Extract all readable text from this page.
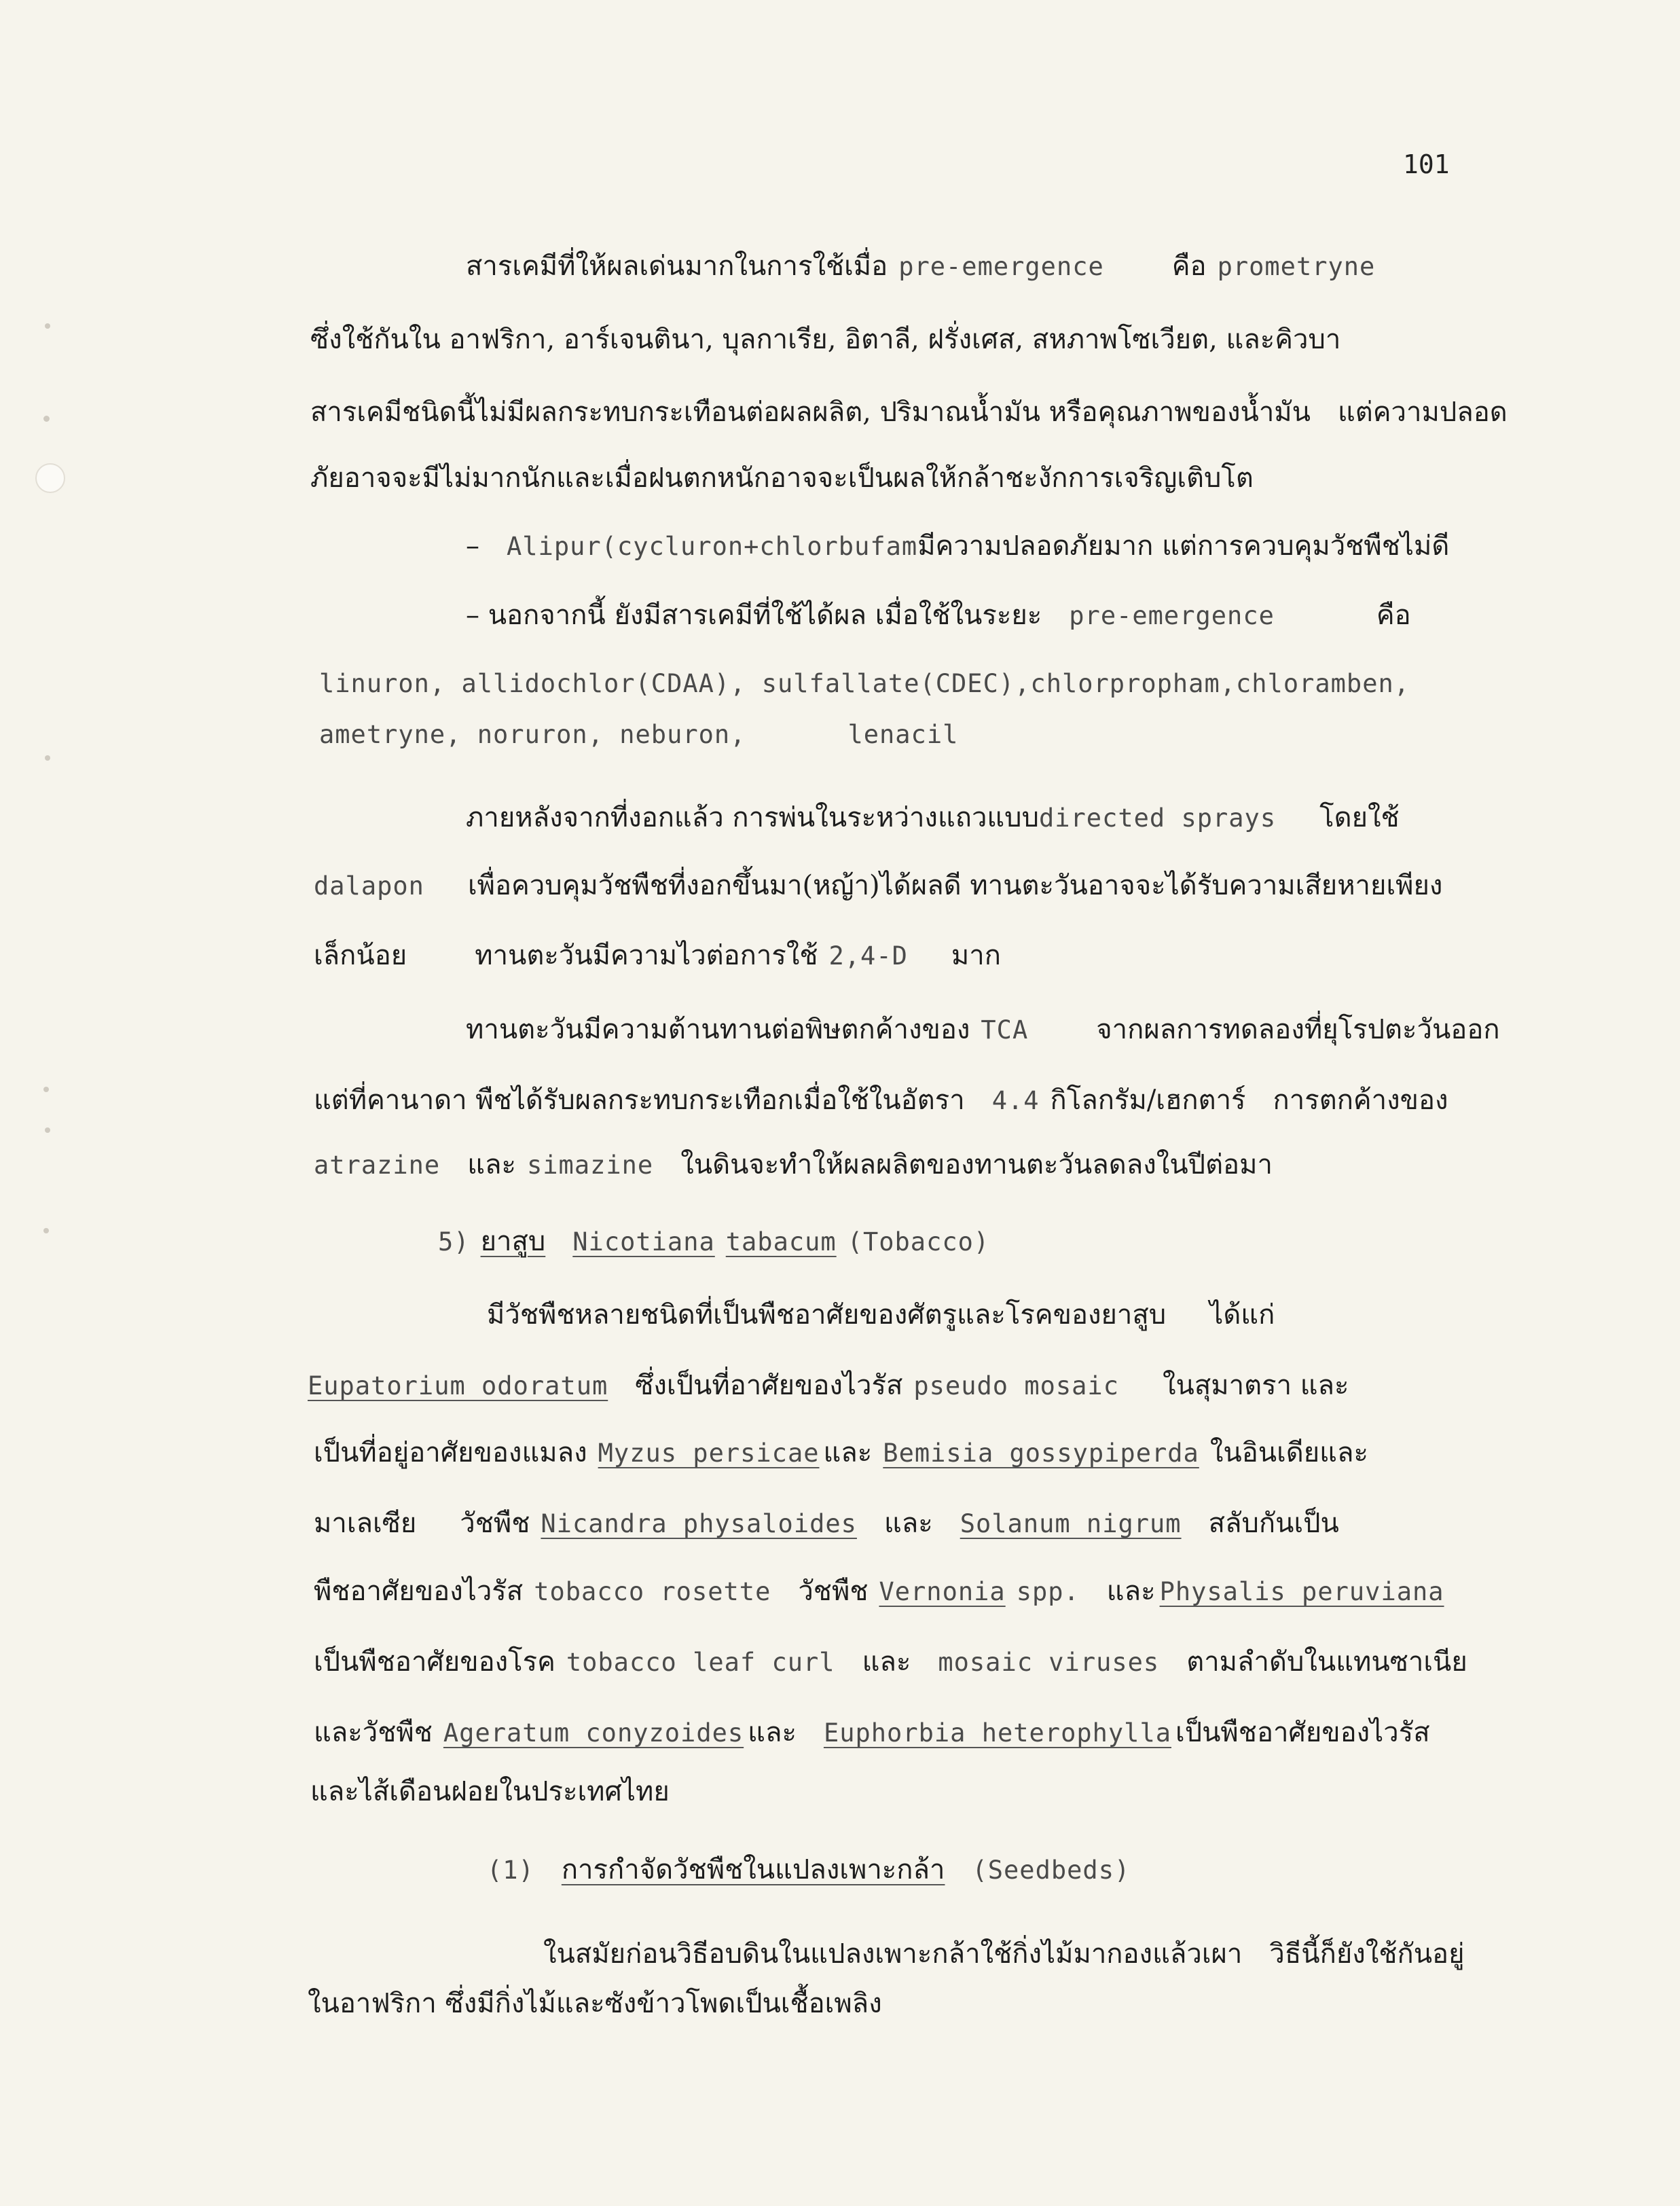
101
สารเคมีที่ให้ผลเด่นมากในการใช้เมื่อ pre-emergence	คือ prometryne
ซึ่งใช้กันใน อาฟริกา, อาร์เจนตินา, บุลกาเรีย, อิตาลี, ฝรั่งเศส, สหภาพโซเวียต, และคิวบา
สารเคมีชนิดนี้ไม่มีผลกระทบกระเทือนต่อผลผลิต, ปริมาณน้ำมัน หรือคุณภาพของน้ำมัน แต่ความปลอด
ภัยอาจจะมีไม่มากนักและเมื่อฝนตกหนักอาจจะเป็นผลให้กล้าชะงักการเจริญเติบโต
– Alipur(cycluron+chlorbufamมีความปลอดภัยมาก แต่การควบคุมวัชพืชไม่ดี
– นอกจากนี้ ยังมีสารเคมีที่ใช้ได้ผล เมื่อใช้ในระยะ pre-emergence	คือ
linuron, allidochlor(CDAA), sulfallate(CDEC),chlorpropham,chloramben,
ametryne, noruron, neburon,	lenacil
ภายหลังจากที่งอกแล้ว การพ่นในระหว่างแถวแบบdirected sprays โดยใช้
dalapon เพื่อควบคุมวัชพืชที่งอกขึ้นมา(หญ้า)ได้ผลดี ทานตะวันอาจจะได้รับความเสียหายเพียง
เล็กน้อย	ทานตะวันมีความไวต่อการใช้ 2,4-D มาก
ทานตะวันมีความต้านทานต่อพิษตกค้างของ TCA	จากผลการทดลองที่ยุโรปตะวันออก
แต่ที่คานาดา พืชได้รับผลกระทบกระเทือกเมื่อใช้ในอัตรา 4.4 กิโลกรัม/เฮกตาร์ การตกค้างของ
atrazine และ simazine ในดินจะทำให้ผลผลิตของทานตะวันลดลงในปีต่อมา
5) ยาสูบ Nicotiana tabacum (Tobacco)
มีวัชพืชหลายชนิดที่เป็นพืชอาศัยของศัตรูและโรคของยาสูบ ได้แก่
Eupatorium odoratum ซึ่งเป็นที่อาศัยของไวรัส pseudo mosaic ในสุมาตรา และ
เป็นที่อยู่อาศัยของแมลง Myzus persicae และ Bemisia gossypiperda ในอินเดียและ
มาเลเซีย วัชพืช Nicandra physaloides และ Solanum nigrum สลับกันเป็น
พืชอาศัยของไวรัส tobacco rosette วัชพืช Vernonia spp. และ Physalis peruviana
เป็นพืชอาศัยของโรค tobacco leaf curl และ mosaic viruses ตามลำดับในแทนซาเนีย
และวัชพืช Ageratum conyzoides และ Euphorbia heterophylla เป็นพืชอาศัยของไวรัส
และไส้เดือนฝอยในประเทศไทย
(1) การกำจัดวัชพืชในแปลงเพาะกล้า (Seedbeds)
ในสมัยก่อนวิธีอบดินในแปลงเพาะกล้าใช้กิ่งไม้มากองแล้วเผา วิธีนี้ก็ยังใช้กันอยู่
ในอาฟริกา ซึ่งมีกิ่งไม้และซังข้าวโพดเป็นเชื้อเพลิง
